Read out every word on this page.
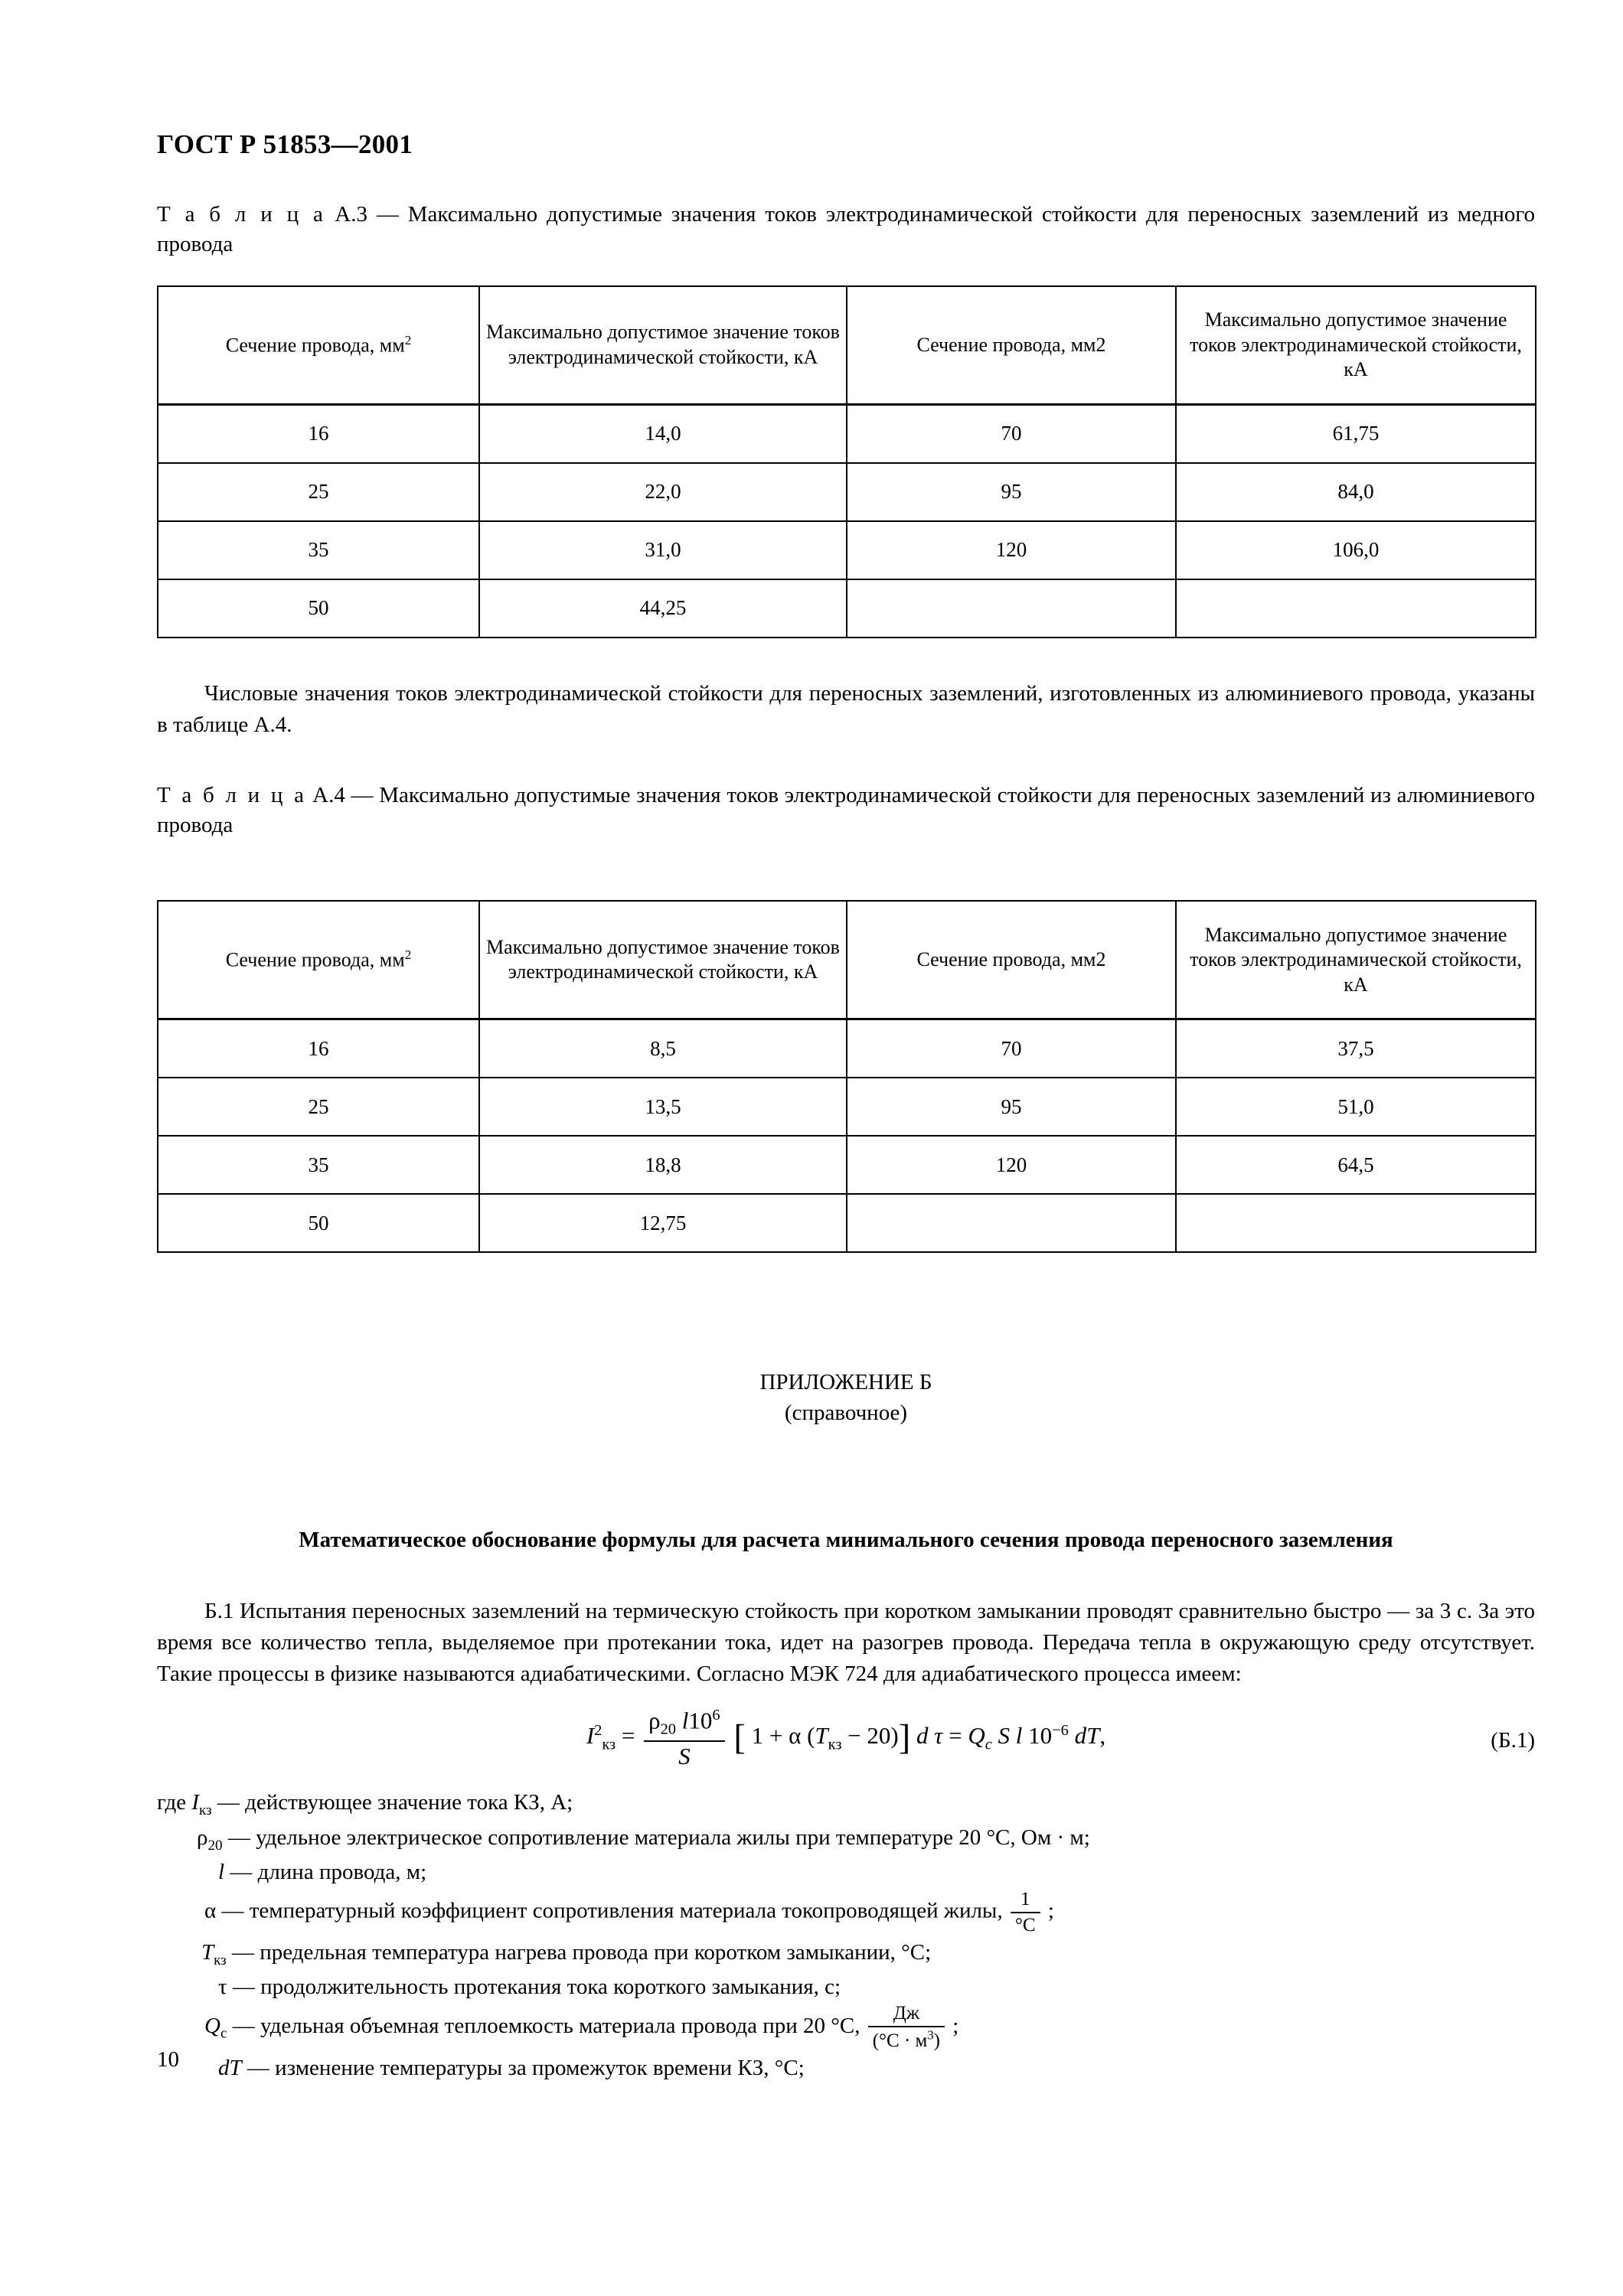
ГОСТ Р 51853—2001

Т а б л и ц а А.3 — Максимально допустимые значения токов электродинамической стойкости для переносных заземлений из медного провода

Сечение провода, $мм^2$	Максимально допустимое значение токов электродинамической стойкости, кА	Сечение провода, мм2	Максимально допустимое значение токов электродинамической стойкости, кА
16	14,0	70	61,75
25	22,0	95	84,0
35	31,0	120	106,0
50	44,25		

Числовые значения токов электродинамической стойкости для переносных заземлений, изготовленных из алюминиевого провода, указаны в таблице А.4.

Т а б л и ц а А.4 — Максимально допустимые значения токов электродинамической стойкости для переносных заземлений из алюминиевого провода

Сечение провода, $мм^2$	Максимально допустимое значение токов электродинамической стойкости, кА	Сечение провода, мм2	Максимально допустимое значение токов электродинамической стойкости, кА
16	8,5	70	37,5
25	13,5	95	51,0
35	18,8	120	64,5
50	12,75		
ПРИЛОЖЕНИЕ Б
(справочное)
Математическое обоснование формулы для расчета минимального сечения провода переносного заземления

Б.1 Испытания переносных заземлений на термическую стойкость при коротком замыкании проводят сравнительно быстро — за 3 с. За это время все количество тепла, выделяемое при протекании тока, идет на разогрев провода. Передача тепла в окружающую среду отсутствует. Такие процессы в физике называются адиабатическими. Согласно МЭК 724 для адиабатического процесса имеем:

$I^2_{кз} = \frac{\rho_{20} l10^6}{S}$ [ 1 + α $(T_{кз} - 20)$] d $\tau = Q_c$ S l $10^{-6}$ dT,	(Б.1)
где $I_{кз}$ — действующее значение тока КЗ, А;
$\rho_{20}$ — удельное электрическое сопротивление материала жилы при температуре 20 °С, Ом · м;
l — длина провода, м;
α — температурный коэффициент сопротивления материала токопроводящей жилы, $\frac{1}{^\circ С}$ ;
$T_{кз}$ — предельная температура нагрева провода при коротком замыкании, °С;
τ — продолжительность протекания тока короткого замыкания, с;
$Q_с$ — удельная объемная теплоемкость материала провода при 20 °С, $\frac{Дж}{(^\circ С \cdot м^3)}$ ;
dT — изменение температуры за промежуток времени КЗ, °С;
10
